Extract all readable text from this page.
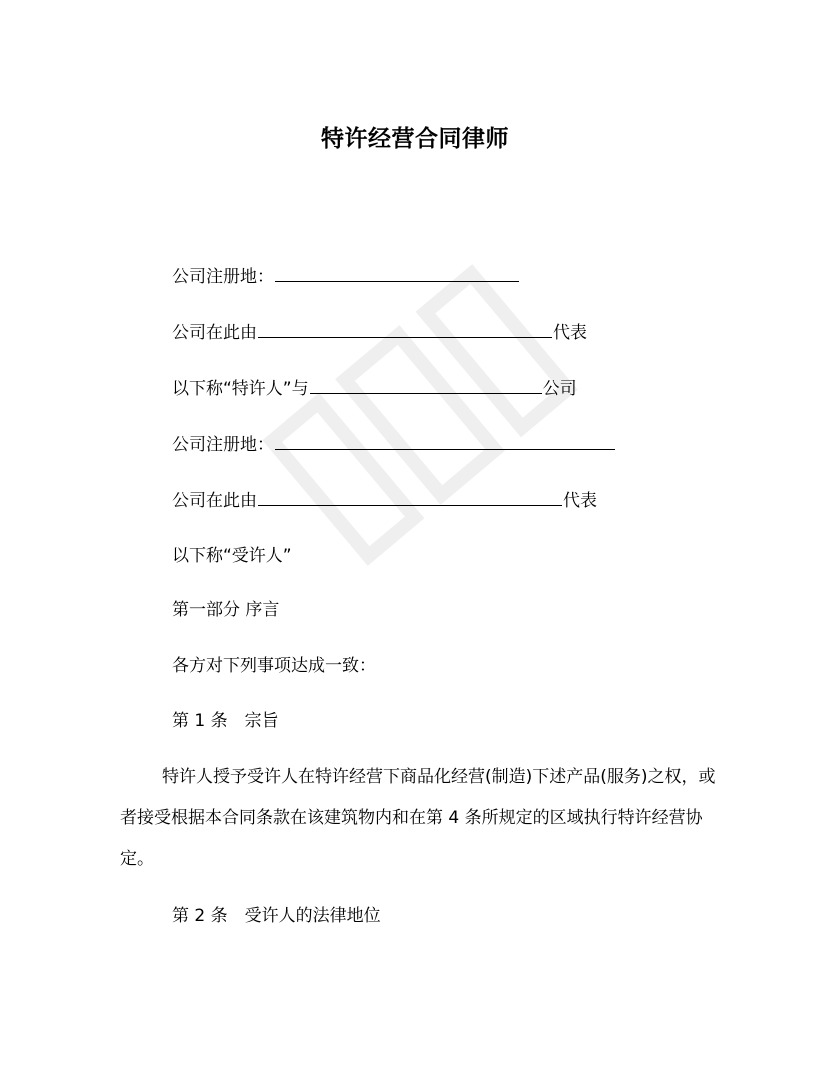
特许经营合同律师
公司注册地：
公司在此由	代表
以下称“特许人”与	公司
公司注册地：
公司在此由	代表
以下称“受许人”
第一部分 序言
各方对下列事项达成一致：
第 1 条　宗旨
特许人授予受许人在特许经营下商品化经营(制造)下述产品(服务)之权，或者接受根据本合同条款在该建筑物内和在第 4 条所规定的区域执行特许经营协定。
第 2 条　受许人的法律地位
